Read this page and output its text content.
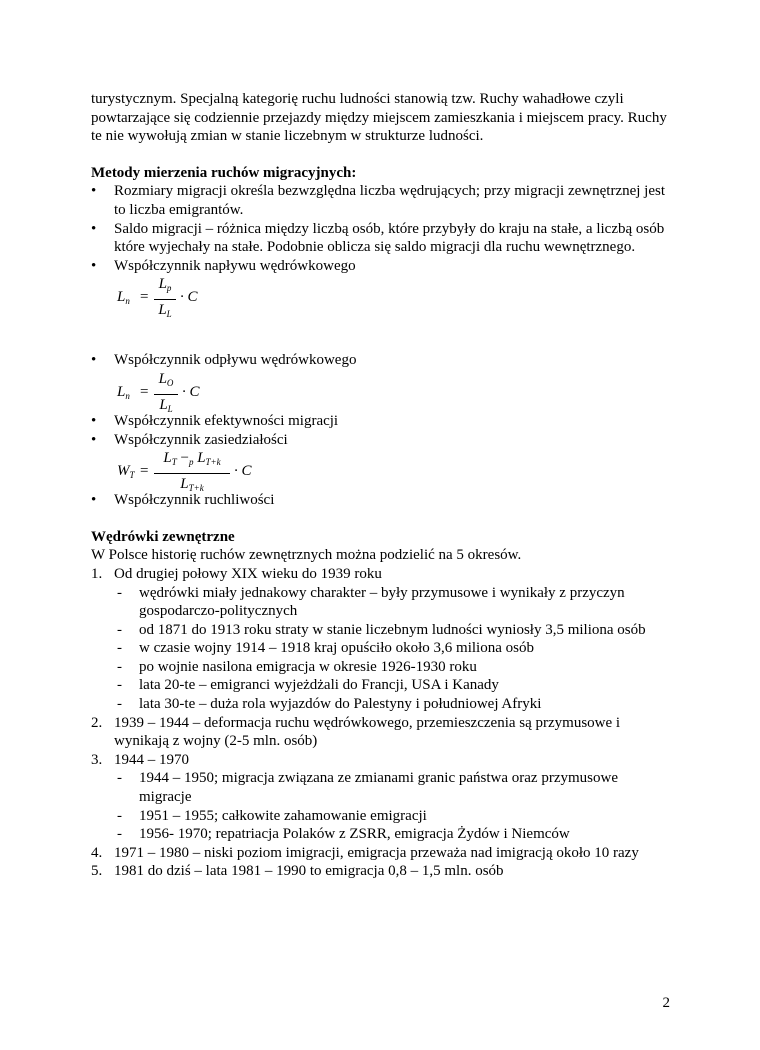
turystycznym. Specjalną kategorię ruchu ludności stanowią tzw. Ruchy wahadłowe czyli powtarzające się codziennie przejazdy między miejscem zamieszkania i miejscem pracy. Ruchy te nie wywołują zmian w stanie liczebnym w strukturze ludności.

Metody mierzenia ruchów migracyjnych:

• Rozmiary migracji określa bezwzględna liczba wędrujących; przy migracji zewnętrznej jest to liczba emigrantów.
• Saldo migracji – różnica między liczbą osób, które przybyły do kraju na stałe, a liczbą osób które wyjechały na stałe. Podobnie oblicza się saldo migracji dla ruchu wewnętrznego.
• Współczynnik napływu wędrówkowego
$L_n$ =
$L_p$
$L_L$
· C
• Współczynnik odpływu wędrówkowego
$L_n$ =
$L_O$
$L_L$
· C
• Współczynnik efektywności migracji
• Współczynnik zasiedziałości
$W_T$ =
$L_T -_p$ $L_{T+k}$
$L_{T+k}$
· C
• Współczynnik ruchliwości

Wędrówki zewnętrzne

W Polsce historię ruchów zewnętrznych można podzielić na 5 okresów.

1. Od drugiej połowy XIX wieku do 1939 roku
- wędrówki miały jednakowy charakter – były przymusowe i wynikały z przyczyn gospodarczo-politycznych
- od 1871 do 1913 roku straty w stanie liczebnym ludności wyniosły 3,5 miliona osób
- w czasie wojny 1914 – 1918 kraj opuściło około 3,6 miliona osób
- po wojnie nasilona emigracja w okresie 1926-1930 roku
- lata 20-te – emigranci wyjeżdżali do Francji, USA i Kanady
- lata 30-te – duża rola wyjazdów do Palestyny i południowej Afryki
2. 1939 – 1944 – deformacja ruchu wędrówkowego, przemieszczenia są przymusowe i wynikają z wojny (2-5 mln. osób)
3. 1944 – 1970
- 1944 – 1950; migracja związana ze zmianami granic państwa oraz przymusowe migracje
- 1951 – 1955; całkowite zahamowanie emigracji
- 1956- 1970; repatriacja Polaków z ZSRR, emigracja Żydów i Niemców
4. 1971 – 1980 – niski poziom imigracji, emigracja przeważa nad imigracją około 10 razy
5. 1981 do dziś – lata 1981 – 1990 to emigracja 0,8 – 1,5 mln. osób
2
